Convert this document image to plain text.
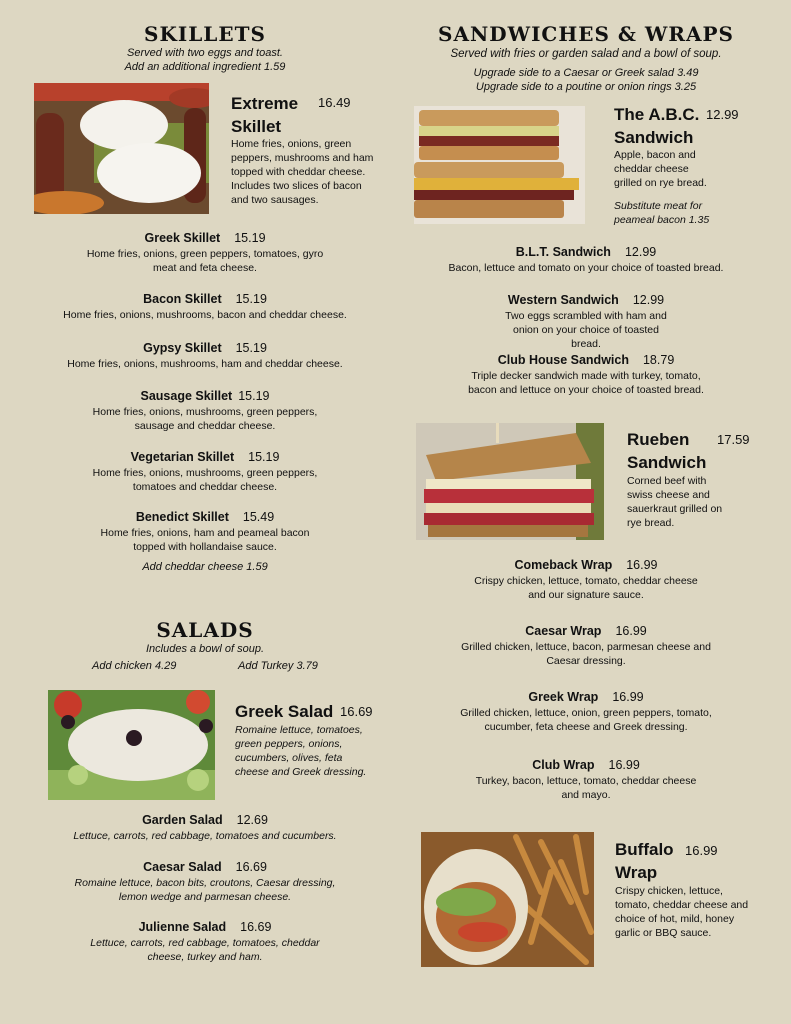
SKILLETS
Served with two eggs and toast.
Add an additional ingredient 1.59
Extreme 16.49
Skillet
Home fries, onions, green peppers, mushrooms and ham topped with cheddar cheese. Includes two slices of bacon and two sausages.
Greek Skillet 15.19
Home fries, onions, green peppers, tomatoes, gyro meat and feta cheese.
Bacon Skillet 15.19
Home fries, onions, mushrooms, bacon and cheddar cheese.
Gypsy Skillet 15.19
Home fries, onions, mushrooms, ham and cheddar cheese.
Sausage Skillet 15.19
Home fries, onions, mushrooms, green peppers, sausage and cheddar cheese.
Vegetarian Skillet 15.19
Home fries, onions, mushrooms, green peppers, tomatoes and cheddar cheese.
Benedict Skillet 15.49
Home fries, onions, ham and peameal bacon topped with hollandaise sauce.
Add cheddar cheese 1.59
SALADS
Includes a bowl of soup.
Add chicken 4.29	Add Turkey 3.79
Greek Salad 16.69
Romaine lettuce, tomatoes, green peppers, onions, cucumbers, olives, feta cheese and Greek dressing.
Garden Salad 12.69
Lettuce, carrots, red cabbage, tomatoes and cucumbers.
Caesar Salad 16.69
Romaine lettuce, bacon bits, croutons, Caesar dressing, lemon wedge and parmesan cheese.
Julienne Salad 16.69
Lettuce, carrots, red cabbage, tomatoes, cheddar cheese, turkey and ham.
SANDWICHES & WRAPS
Served with fries or garden salad and a bowl of soup.
Upgrade side to a Caesar or Greek salad 3.49
Upgrade side to a poutine or onion rings 3.25
The A.B.C. 12.99
Sandwich
Apple, bacon and cheddar cheese grilled on rye bread.
Substitute meat for peameal bacon 1.35
B.L.T. Sandwich 12.99
Bacon, lettuce and tomato on your choice of toasted bread.
Western Sandwich 12.99
Two eggs scrambled with ham and onion on your choice of toasted bread.
Club House Sandwich 18.79
Triple decker sandwich made with turkey, tomato, bacon and lettuce on your choice of toasted bread.
Rueben 17.59
Sandwich
Corned beef with swiss cheese and sauerkraut grilled on rye bread.
Comeback Wrap 16.99
Crispy chicken, lettuce, tomato, cheddar cheese and our signature sauce.
Caesar Wrap 16.99
Grilled chicken, lettuce, bacon, parmesan cheese and Caesar dressing.
Greek Wrap 16.99
Grilled chicken, lettuce, onion, green peppers, tomato, cucumber, feta cheese and Greek dressing.
Club Wrap 16.99
Turkey, bacon, lettuce, tomato, cheddar cheese and mayo.
Buffalo 16.99
Wrap
Crispy chicken, lettuce, tomato, cheddar cheese and choice of hot, mild, honey garlic or BBQ sauce.
